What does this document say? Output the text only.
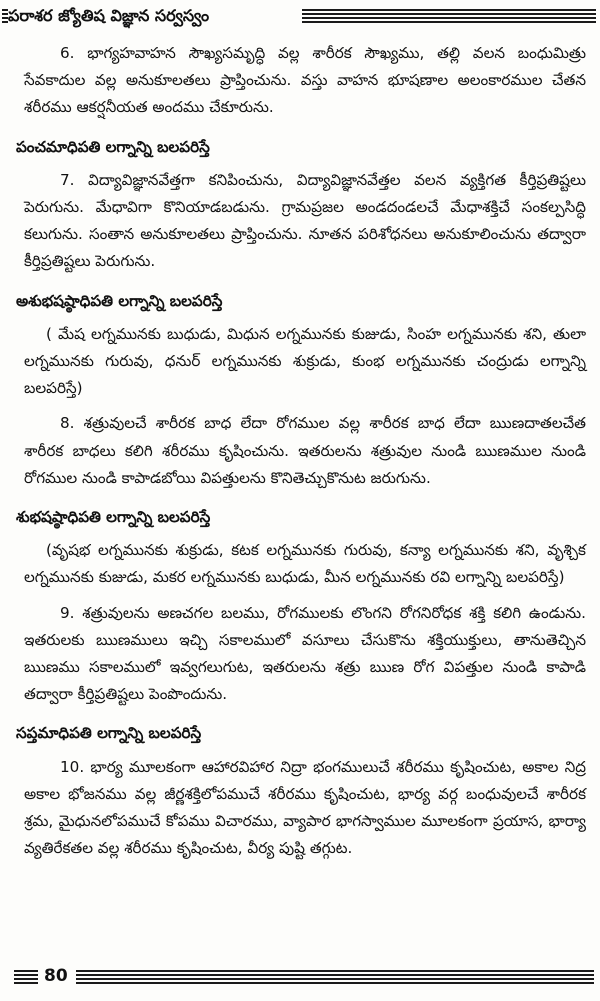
పరాశర జ్యోతిష విజ్ఞాన సర్వస్వం

6. భాగ్యహవాహన సౌఖ్యసమృద్ధి వల్ల శారీరక సౌఖ్యము, తల్లి వలన బంధుమిత్రు సేవకాదుల వల్ల అనుకూలతలు ప్రాప్తించును. వస్తు వాహన భూషణాల అలంకారముల చేతన శరీరము ఆకర్షనీయత అందము చేకూరును.

పంచమాధిపతి లగ్నాన్ని బలపరిస్తే

7. విద్యావిజ్ఞానవేత్తగా కనిపించును, విద్యావిజ్ఞానవేత్తల వలన వ్యక్తిగత కీర్తిప్రతిష్టలు పెరుగును. మేధావిగా కొనియాడబడును. గ్రామప్రజల అండదండలచే మేధాశక్తిచే సంకల్పసిద్ధి కలుగును. సంతాన అనుకూలతలు ప్రాప్తించును. నూతన పరిశోధనలు అనుకూలించును తద్వారా కీర్తిప్రతిష్టలు పెరుగును.

అశుభషష్ఠాధిపతి లగ్నాన్ని బలపరిస్తే

( మేష లగ్నమునకు బుధుడు, మిధున లగ్నమునకు కుజుడు, సింహ లగ్నమునకు శని, తులా లగ్నమునకు గురువు, ధనుర్ లగ్నమునకు శుక్రుడు, కుంభ లగ్నమునకు చంద్రుడు లగ్నాన్ని బలపరిస్తే)

8. శత్రువులచే శారీరక బాధ లేదా రోగముల వల్ల శారీరక బాధ లేదా ఋణదాతలచేత శారీరక బాధలు కలిగి శరీరము కృషించును. ఇతరులను శత్రువుల నుండి ఋణముల నుండి రోగముల నుండి కాపాడబోయి విపత్తులను కొనితెచ్చుకొనుట జరుగును.

శుభషష్ఠాధిపతి లగ్నాన్ని బలపరిస్తే

(వృషభ లగ్నమునకు శుక్రుడు, కటక లగ్నమునకు గురువు, కన్యా లగ్నమునకు శని, వృశ్చిక లగ్నమునకు కుజుడు, మకర లగ్నమునకు బుధుడు, మీన లగ్నమునకు రవి లగ్నాన్ని బలపరిస్తే)

9. శత్రువులను అణచగల బలము, రోగములకు లొంగని రోగనిరోధక శక్తి కలిగి ఉండును. ఇతరులకు ఋణములు ఇచ్చి సకాలములో వసూలు చేసుకొను శక్తియుక్తులు, తానుతెచ్చిన ఋణము సకాలములో ఇవ్వగలుగుట, ఇతరులను శత్రు ఋణ రోగ విపత్తుల నుండి కాపాడి తద్వారా కీర్తిప్రతిష్టలు పెంపొందును.

సప్తమాధిపతి లగ్నాన్ని బలపరిస్తే

10. భార్య మూలకంగా ఆహారవిహార నిద్రా భంగములుచే శరీరము కృషించుట, అకాల నిద్ర అకాల భోజనము వల్ల జీర్ణశక్తిలోపముచే శరీరము కృషించుట, భార్య వర్గ బంధువులచే శారీరక శ్రమ, మైధునలోపముచే కోపము విచారము, వ్యాపార భాగస్వాముల మూలకంగా ప్రయాస, భార్యా వ్యతిరేకతల వల్ల శరీరము కృషించుట, వీర్య పుష్టి తగ్గుట.

80
